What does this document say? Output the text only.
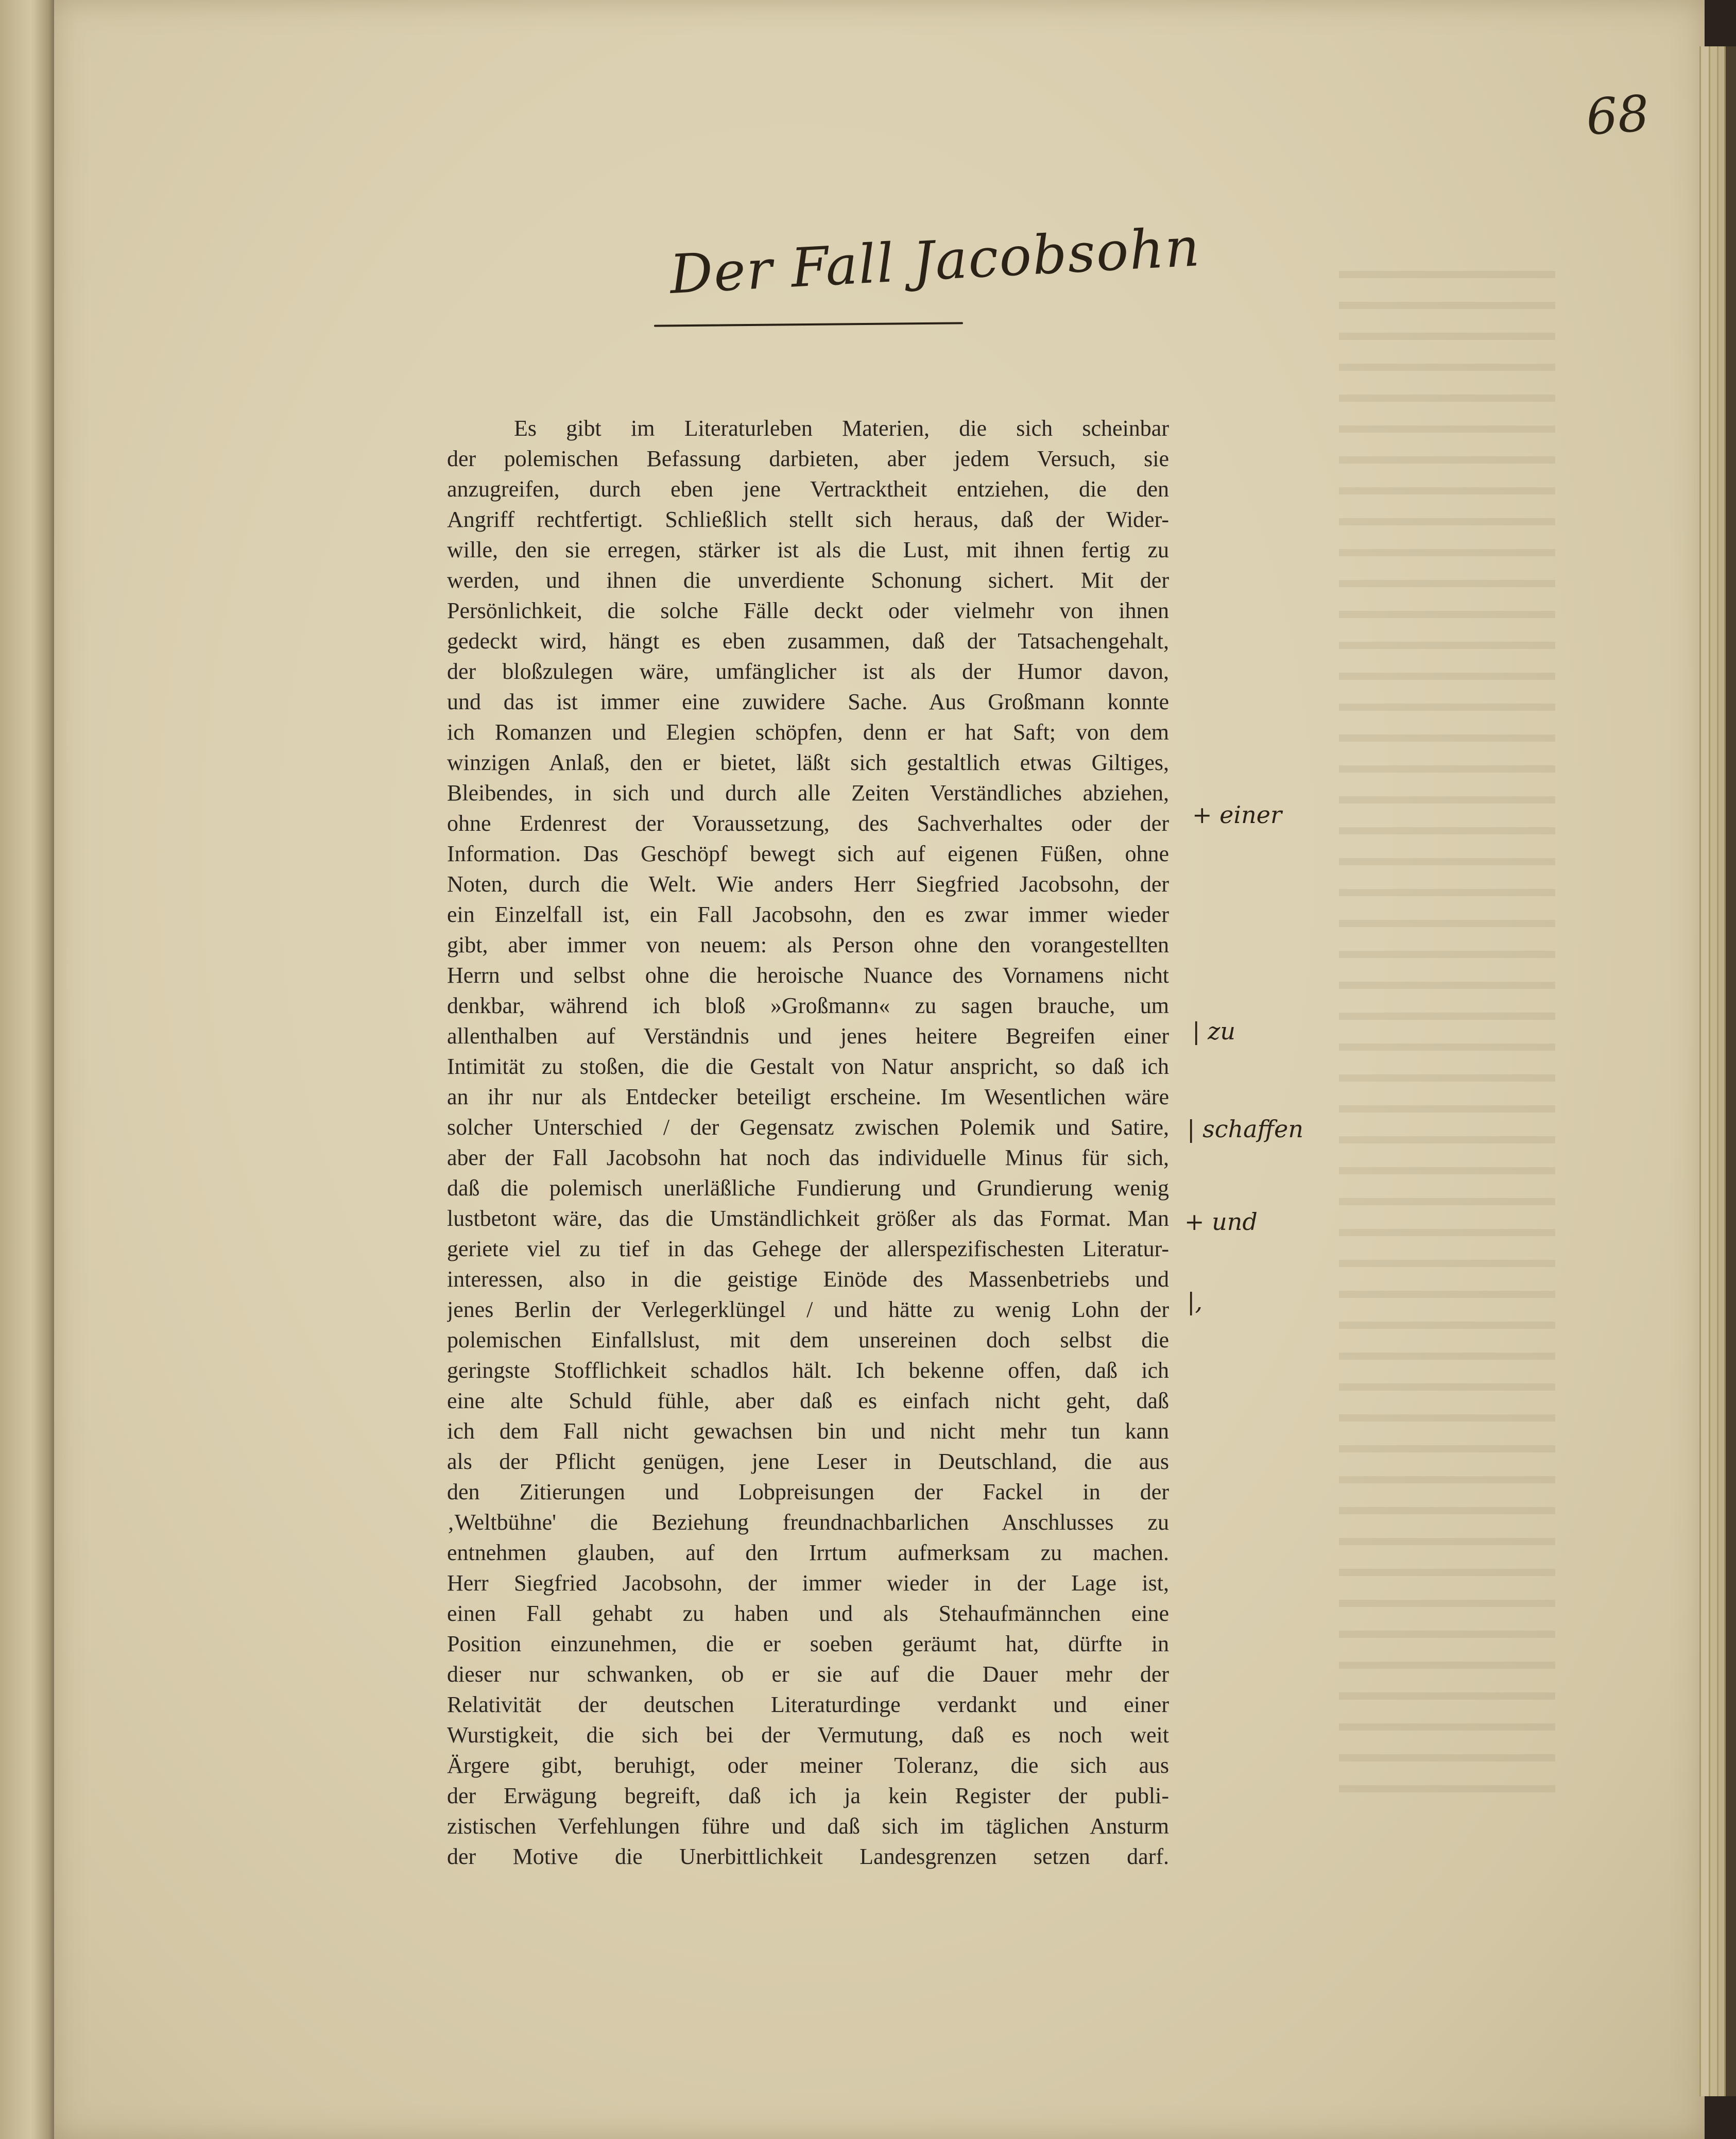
68
Der Fall Jacobsohn
Es gibt im Literaturleben Materien, die sich scheinbar
der polemischen Befassung darbieten, aber jedem Versuch, sie
anzugreifen, durch eben jene Vertracktheit entziehen, die den
Angriff rechtfertigt. Schließlich stellt sich heraus, daß der Wider-
wille, den sie erregen, stärker ist als die Lust, mit ihnen fertig zu
werden, und ihnen die unverdiente Schonung sichert. Mit der
Persönlichkeit, die solche Fälle deckt oder vielmehr von ihnen
gedeckt wird, hängt es eben zusammen, daß der Tatsachengehalt,
der bloßzulegen wäre, umfänglicher ist als der Humor davon,
und das ist immer eine zuwidere Sache. Aus Großmann konnte
ich Romanzen und Elegien schöpfen, denn er hat Saft; von dem
winzigen Anlaß, den er bietet, läßt sich gestaltlich etwas Giltiges,
Bleibendes, in sich und durch alle Zeiten Verständliches abziehen,
ohne Erdenrest der Voraussetzung, des Sachverhaltes oder der
Information. Das Geschöpf bewegt sich auf eigenen Füßen, ohne
Noten, durch die Welt. Wie anders Herr Siegfried Jacobsohn, der
ein Einzelfall ist, ein Fall Jacobsohn, den es zwar immer wieder
gibt, aber immer von neuem: als Person ohne den vorangestellten
Herrn und selbst ohne die heroische Nuance des Vornamens nicht
denkbar, während ich bloß »Großmann« zu sagen brauche, um
allenthalben auf Verständnis und jenes heitere Begreifen einer
Intimität zu stoßen, die die Gestalt von Natur anspricht, so daß ich
an ihr nur als Entdecker beteiligt erscheine. Im Wesentlichen wäre
solcher Unterschied / der Gegensatz zwischen Polemik und Satire,
aber der Fall Jacobsohn hat noch das individuelle Minus für sich,
daß die polemisch unerläßliche Fundierung und Grundierung wenig
lustbetont wäre, das die Umständlichkeit größer als das Format. Man
geriete viel zu tief in das Gehege der allerspezifischesten Literatur-
interessen, also in die geistige Einöde des Massenbetriebs und
jenes Berlin der Verlegerklüngel / und hätte zu wenig Lohn der
polemischen Einfallslust, mit dem unsereinen doch selbst die
geringste Stofflichkeit schadlos hält. Ich bekenne offen, daß ich
eine alte Schuld fühle, aber daß es einfach nicht geht, daß
ich dem Fall nicht gewachsen bin und nicht mehr tun kann
als der Pflicht genügen, jene Leser in Deutschland, die aus
den Zitierungen und Lobpreisungen der Fackel in der
‚Weltbühne' die Beziehung freundnachbarlichen Anschlusses zu
entnehmen glauben, auf den Irrtum aufmerksam zu machen.
Herr Siegfried Jacobsohn, der immer wieder in der Lage ist,
einen Fall gehabt zu haben und als Stehaufmännchen eine
Position einzunehmen, die er soeben geräumt hat, dürfte in
dieser nur schwanken, ob er sie auf die Dauer mehr der
Relativität der deutschen Literaturdinge verdankt und einer
Wurstigkeit, die sich bei der Vermutung, daß es noch weit
Ärgere gibt, beruhigt, oder meiner Toleranz, die sich aus
der Erwägung begreift, daß ich ja kein Register der publi-
zistischen Verfehlungen führe und daß sich im täglichen Ansturm
der Motive die Unerbittlichkeit Landesgrenzen setzen darf.
+ einer
| zu
| schaffen
+ und
|,
